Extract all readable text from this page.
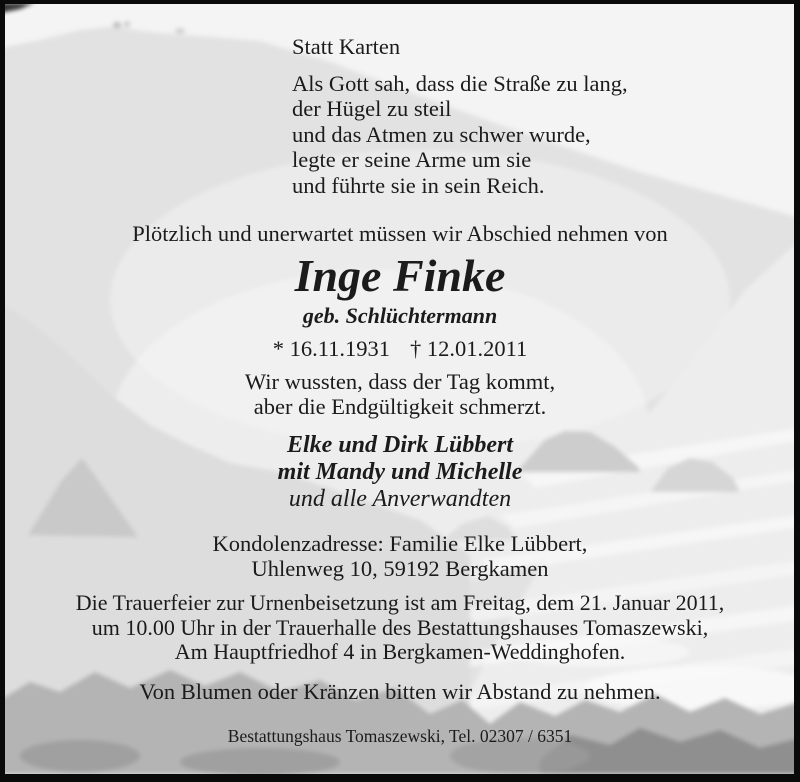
Statt Karten
Als Gott sah, dass die Straße zu lang,
der Hügel zu steil
und das Atmen zu schwer wurde,
legte er seine Arme um sie
und führte sie in sein Reich.
Plötzlich und unerwartet müssen wir Abschied nehmen von
Inge Finke
geb. Schlüchtermann
* 16.11.1931 † 12.01.2011
Wir wussten, dass der Tag kommt,
aber die Endgültigkeit schmerzt.
Elke und Dirk Lübbert
mit Mandy und Michelle
und alle Anverwandten
Kondolenzadresse: Familie Elke Lübbert,
Uhlenweg 10, 59192 Bergkamen
Die Trauerfeier zur Urnenbeisetzung ist am Freitag, dem 21. Januar 2011,
um 10.00 Uhr in der Trauerhalle des Bestattungshauses Tomaszewski,
Am Hauptfriedhof 4 in Bergkamen-Weddinghofen.
Von Blumen oder Kränzen bitten wir Abstand zu nehmen.
Bestattungshaus Tomaszewski, Tel. 02307 / 6351
